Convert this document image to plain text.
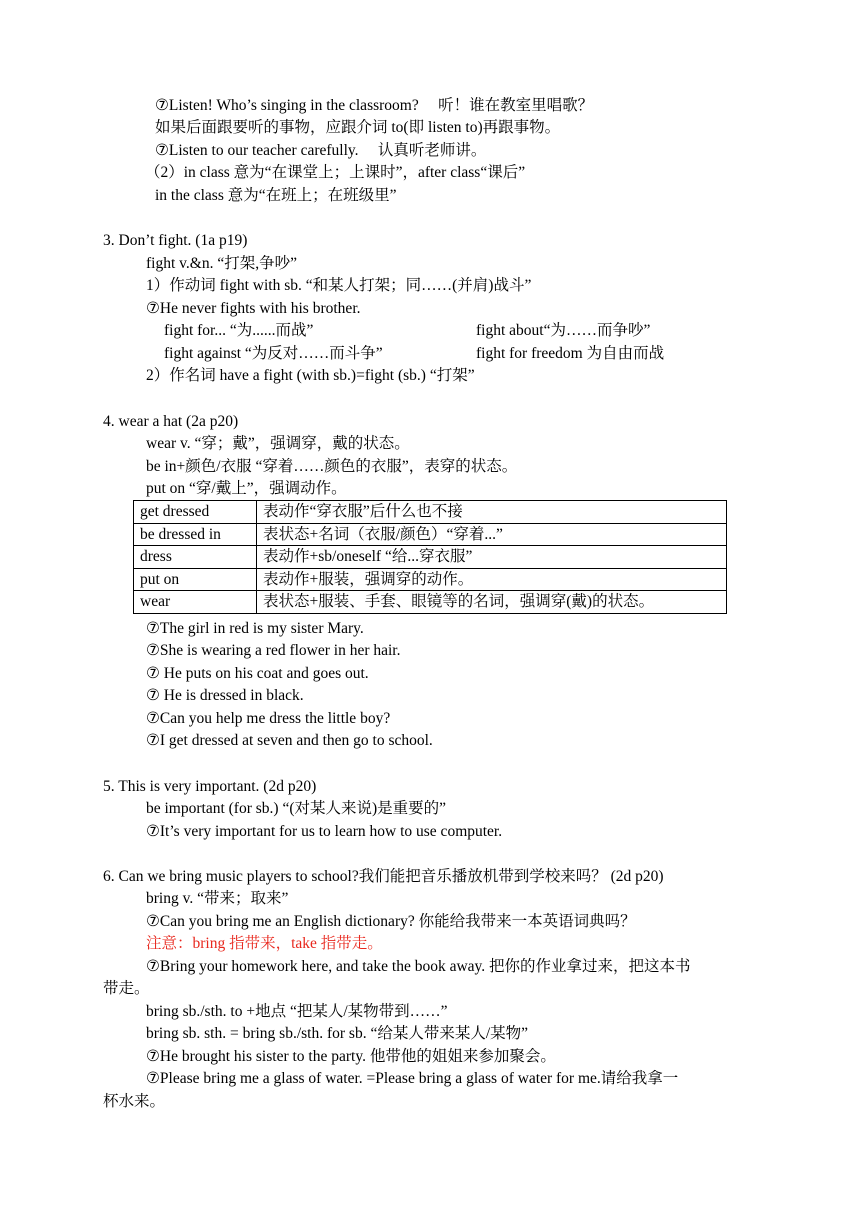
⑦Listen! Who’s singing in the classroom?　 听！谁在教室里唱歌？
如果后面跟要听的事物，应跟介词 to(即 listen to)再跟事物。
⑦Listen to our teacher carefully.　 认真听老师讲。
（2）in class 意为“在课堂上；上课时”，after class“课后”
in the class 意为“在班上；在班级里”
3. Don’t fight. (1a p19)
fight v.&n. “打架,争吵”
1）作动词 fight with sb. “和某人打架；同……(并肩)战斗”
⑦He never fights with his brother.
fight for... “为......而战”	fight about“为……而争吵”
fight against “为反对……而斗争”	fight for freedom 为自由而战
2）作名词 have a fight (with sb.)=fight (sb.) “打架”
4. wear a hat (2a p20)
wear v. “穿；戴”，强调穿，戴的状态。
be in+颜色/衣服 “穿着……颜色的衣服”，表穿的状态。
put on “穿/戴上”，强调动作。
get dressed	表动作“穿衣服”后什么也不接
be dressed in	表状态+名词（衣服/颜色）“穿着...”
dress	表动作+sb/oneself “给...穿衣服”
put on	表动作+服装，强调穿的动作。
wear	表状态+服装、手套、眼镜等的名词，强调穿(戴)的状态。
⑦The girl in red is my sister Mary.
⑦She is wearing a red flower in her hair.
⑦ He puts on his coat and goes out.
⑦ He is dressed in black.
⑦Can you help me dress the little boy?
⑦I get dressed at seven and then go to school.
5. This is very important. (2d p20)
be important (for sb.) “(对某人来说)是重要的”
⑦It’s very important for us to learn how to use computer.
6. Can we bring music players to school?我们能把音乐播放机带到学校来吗？ (2d p20)
bring v. “带来；取来”
⑦Can you bring me an English dictionary? 你能给我带来一本英语词典吗？
注意：bring 指带来，take 指带走。
⑦Bring your homework here, and take the book away. 把你的作业拿过来，把这本书
带走。
bring sb./sth. to +地点 “把某人/某物带到……”
bring sb. sth. = bring sb./sth. for sb. “给某人带来某人/某物”
⑦He brought his sister to the party. 他带他的姐姐来参加聚会。
⑦Please bring me a glass of water. =Please bring a glass of water for me.请给我拿一
杯水来。
